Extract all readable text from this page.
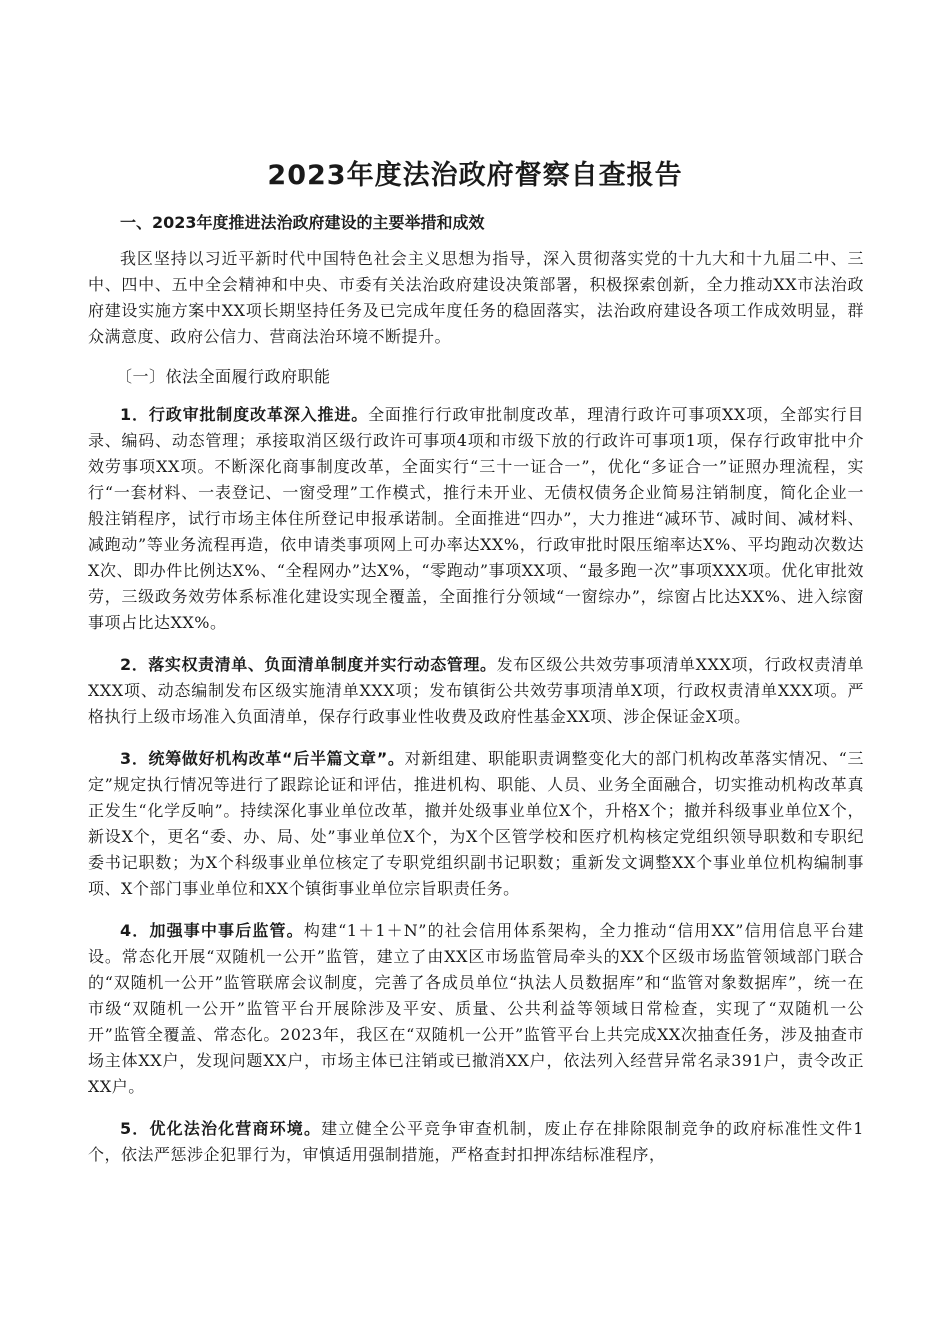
2023年度法治政府督察自查报告

一、2023年度推进法治政府建设的主要举措和成效

我区坚持以习近平新时代中国特色社会主义思想为指导，深入贯彻落实党的十九大和十九届二中、三中、四中、五中全会精神和中央、市委有关法治政府建设决策部署，积极探索创新，全力推动XX市法治政府建设实施方案中XX项长期坚持任务及已完成年度任务的稳固落实，法治政府建设各项工作成效明显，群众满意度、政府公信力、营商法治环境不断提升。

〔一〕依法全面履行政府职能

1．行政审批制度改革深入推进。全面推行行政审批制度改革，理清行政许可事项XX项，全部实行目录、编码、动态管理；承接取消区级行政许可事项4项和市级下放的行政许可事项1项，保存行政审批中介效劳事项XX项。不断深化商事制度改革，全面实行“三十一证合一”，优化“多证合一”证照办理流程，实行“一套材料、一表登记、一窗受理”工作模式，推行未开业、无债权债务企业简易注销制度，简化企业一般注销程序，试行市场主体住所登记申报承诺制。全面推进“四办”，大力推进“减环节、减时间、减材料、减跑动”等业务流程再造，依申请类事项网上可办率达XX%，行政审批时限压缩率达X%、平均跑动次数达X次、即办件比例达X%、“全程网办”达X%，“零跑动”事项XX项、“最多跑一次”事项XXX项。优化审批效劳，三级政务效劳体系标准化建设实现全覆盖，全面推行分领域“一窗综办”，综窗占比达XX%、进入综窗事项占比达XX%。

2．落实权责清单、负面清单制度并实行动态管理。发布区级公共效劳事项清单XXX项，行政权责清单XXX项、动态编制发布区级实施清单XXX项；发布镇街公共效劳事项清单X项，行政权责清单XXX项。严格执行上级市场准入负面清单，保存行政事业性收费及政府性基金XX项、涉企保证金X项。

3．统筹做好机构改革“后半篇文章”。对新组建、职能职责调整变化大的部门机构改革落实情况、“三定”规定执行情况等进行了跟踪论证和评估，推进机构、职能、人员、业务全面融合，切实推动机构改革真正发生“化学反响”。持续深化事业单位改革，撤并处级事业单位X个，升格X个；撤并科级事业单位X个，新设X个，更名“委、办、局、处”事业单位X个，为X个区管学校和医疗机构核定党组织领导职数和专职纪委书记职数；为X个科级事业单位核定了专职党组织副书记职数；重新发文调整XX个事业单位机构编制事项、X个部门事业单位和XX个镇街事业单位宗旨职责任务。

4．加强事中事后监管。构建“1＋1＋N”的社会信用体系架构，全力推动“信用XX”信用信息平台建设。常态化开展“双随机一公开”监管，建立了由XX区市场监管局牵头的XX个区级市场监管领域部门联合的“双随机一公开”监管联席会议制度，完善了各成员单位“执法人员数据库”和“监管对象数据库”，统一在市级“双随机一公开”监管平台开展除涉及平安、质量、公共利益等领域日常检查，实现了“双随机一公开”监管全覆盖、常态化。2023年，我区在“双随机一公开”监管平台上共完成XX次抽查任务，涉及抽查市场主体XX户，发现问题XX户，市场主体已注销或已撤消XX户，依法列入经营异常名录391户，责令改正XX户。

5．优化法治化营商环境。建立健全公平竞争审查机制，废止存在排除限制竞争的政府标准性文件1个，依法严惩涉企犯罪行为，审慎适用强制措施，严格查封扣押冻结标准程序，
